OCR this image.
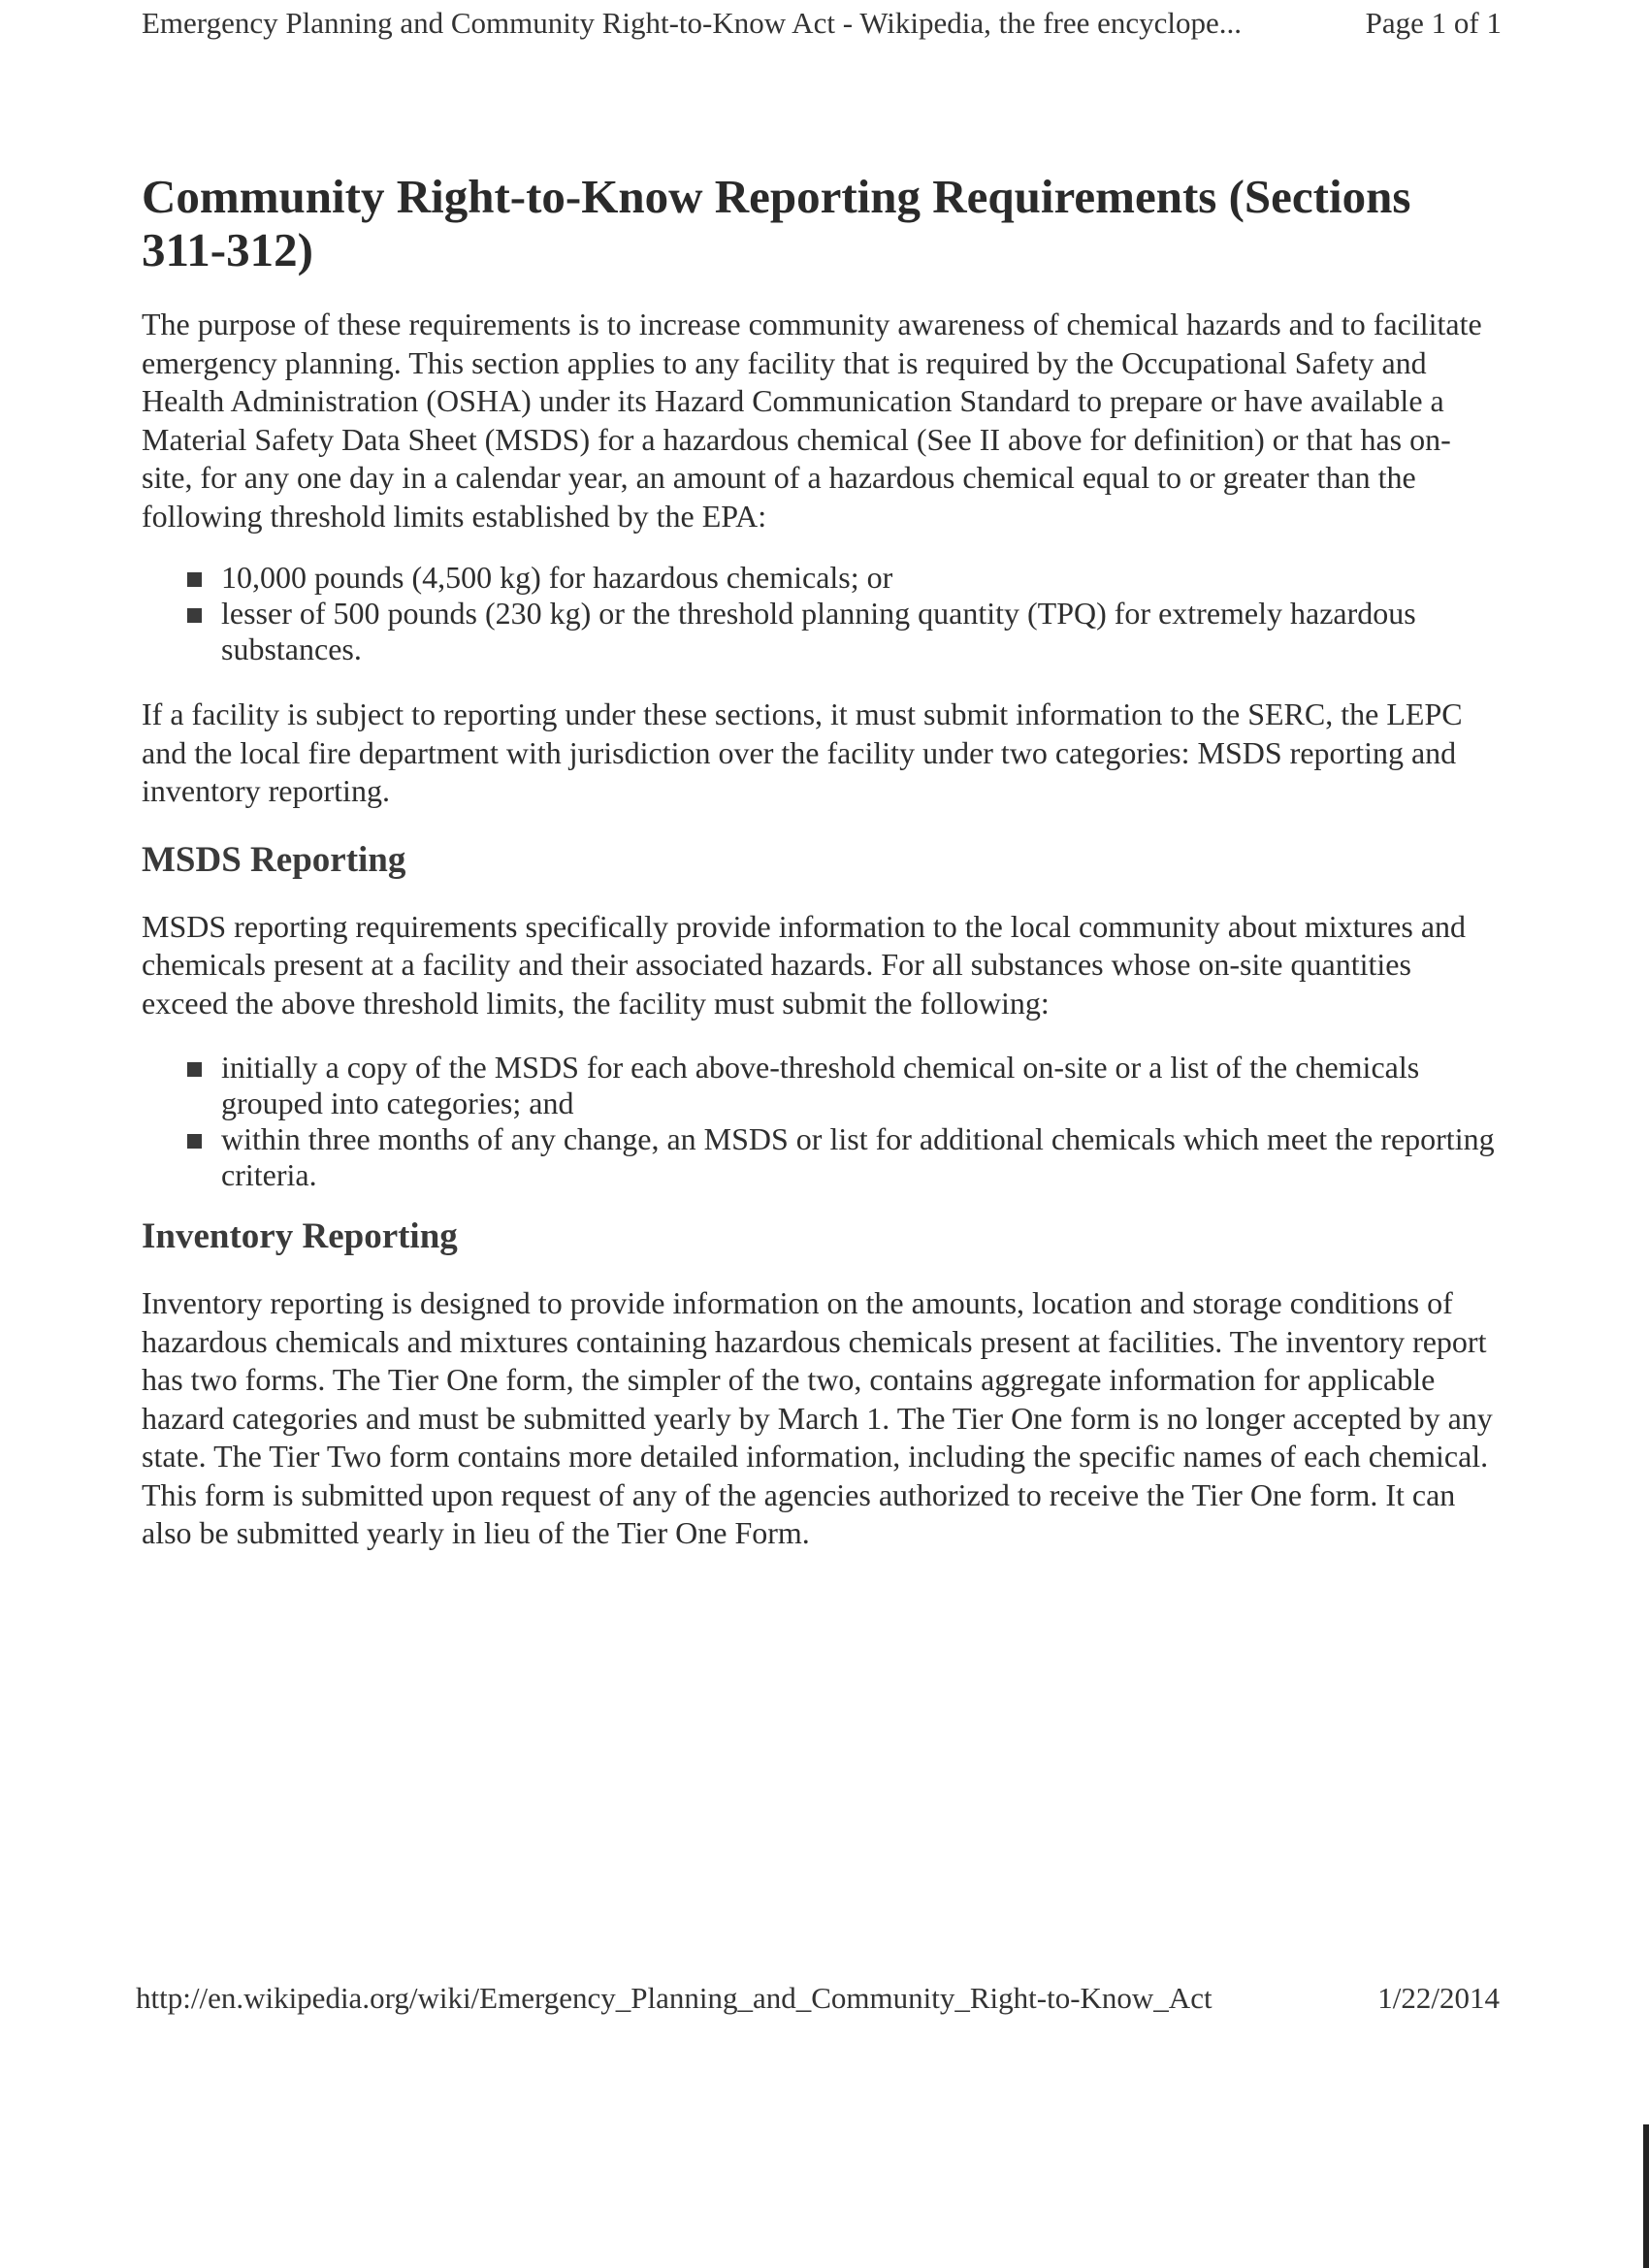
Emergency Planning and Community Right-to-Know Act - Wikipedia, the free encyclope...	Page 1 of 1
Community Right-to-Know Reporting Requirements (Sections 311-312)

The purpose of these requirements is to increase community awareness of chemical hazards and to facilitate emergency planning. This section applies to any facility that is required by the Occupational Safety and Health Administration (OSHA) under its Hazard Communication Standard to prepare or have available a Material Safety Data Sheet (MSDS) for a hazardous chemical (See II above for definition) or that has on-site, for any one day in a calendar year, an amount of a hazardous chemical equal to or greater than the following threshold limits established by the EPA:

10,000 pounds (4,500 kg) for hazardous chemicals; or
lesser of 500 pounds (230 kg) or the threshold planning quantity (TPQ) for extremely hazardous substances.

If a facility is subject to reporting under these sections, it must submit information to the SERC, the LEPC and the local fire department with jurisdiction over the facility under two categories: MSDS reporting and inventory reporting.

MSDS Reporting

MSDS reporting requirements specifically provide information to the local community about mixtures and chemicals present at a facility and their associated hazards. For all substances whose on-site quantities exceed the above threshold limits, the facility must submit the following:

initially a copy of the MSDS for each above-threshold chemical on-site or a list of the chemicals grouped into categories; and
within three months of any change, an MSDS or list for additional chemicals which meet the reporting criteria.
Inventory Reporting

Inventory reporting is designed to provide information on the amounts, location and storage conditions of hazardous chemicals and mixtures containing hazardous chemicals present at facilities. The inventory report has two forms. The Tier One form, the simpler of the two, contains aggregate information for applicable hazard categories and must be submitted yearly by March 1. The Tier One form is no longer accepted by any state. The Tier Two form contains more detailed information, including the specific names of each chemical. This form is submitted upon request of any of the agencies authorized to receive the Tier One form. It can also be submitted yearly in lieu of the Tier One Form.

http://en.wikipedia.org/wiki/Emergency_Planning_and_Community_Right-to-Know_Act	1/22/2014
